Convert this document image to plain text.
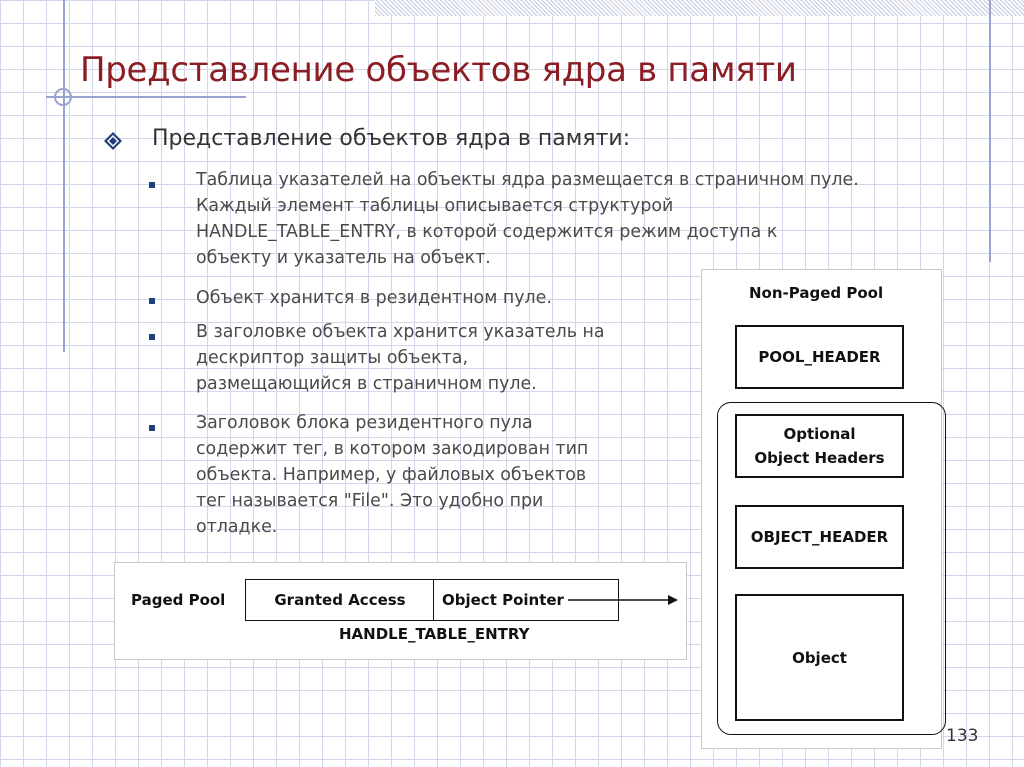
Представление объектов ядра в памяти
Представление объектов ядра в памяти:
Таблица указателей на объекты ядра размещается в страничном пуле.
Каждый элемент таблицы описывается структурой
HANDLE_TABLE_ENTRY, в которой содержится режим доступа к
объекту и указатель на объект.
Объект хранится в резидентном пуле.
В заголовке объекта хранится указатель на
дескриптор защиты объекта,
размещающийся в страничном пуле.
Заголовок блока резидентного пула
содержит тег, в котором закодирован тип
объекта. Например, у файловых объектов
тег называется "File". Это удобно при
отладке.
Paged Pool	Granted Access	Object Pointer
HANDLE_TABLE_ENTRY
Non-Paged Pool
POOL_HEADER
Optional
Object Headers
OBJECT_HEADER
Object
133
